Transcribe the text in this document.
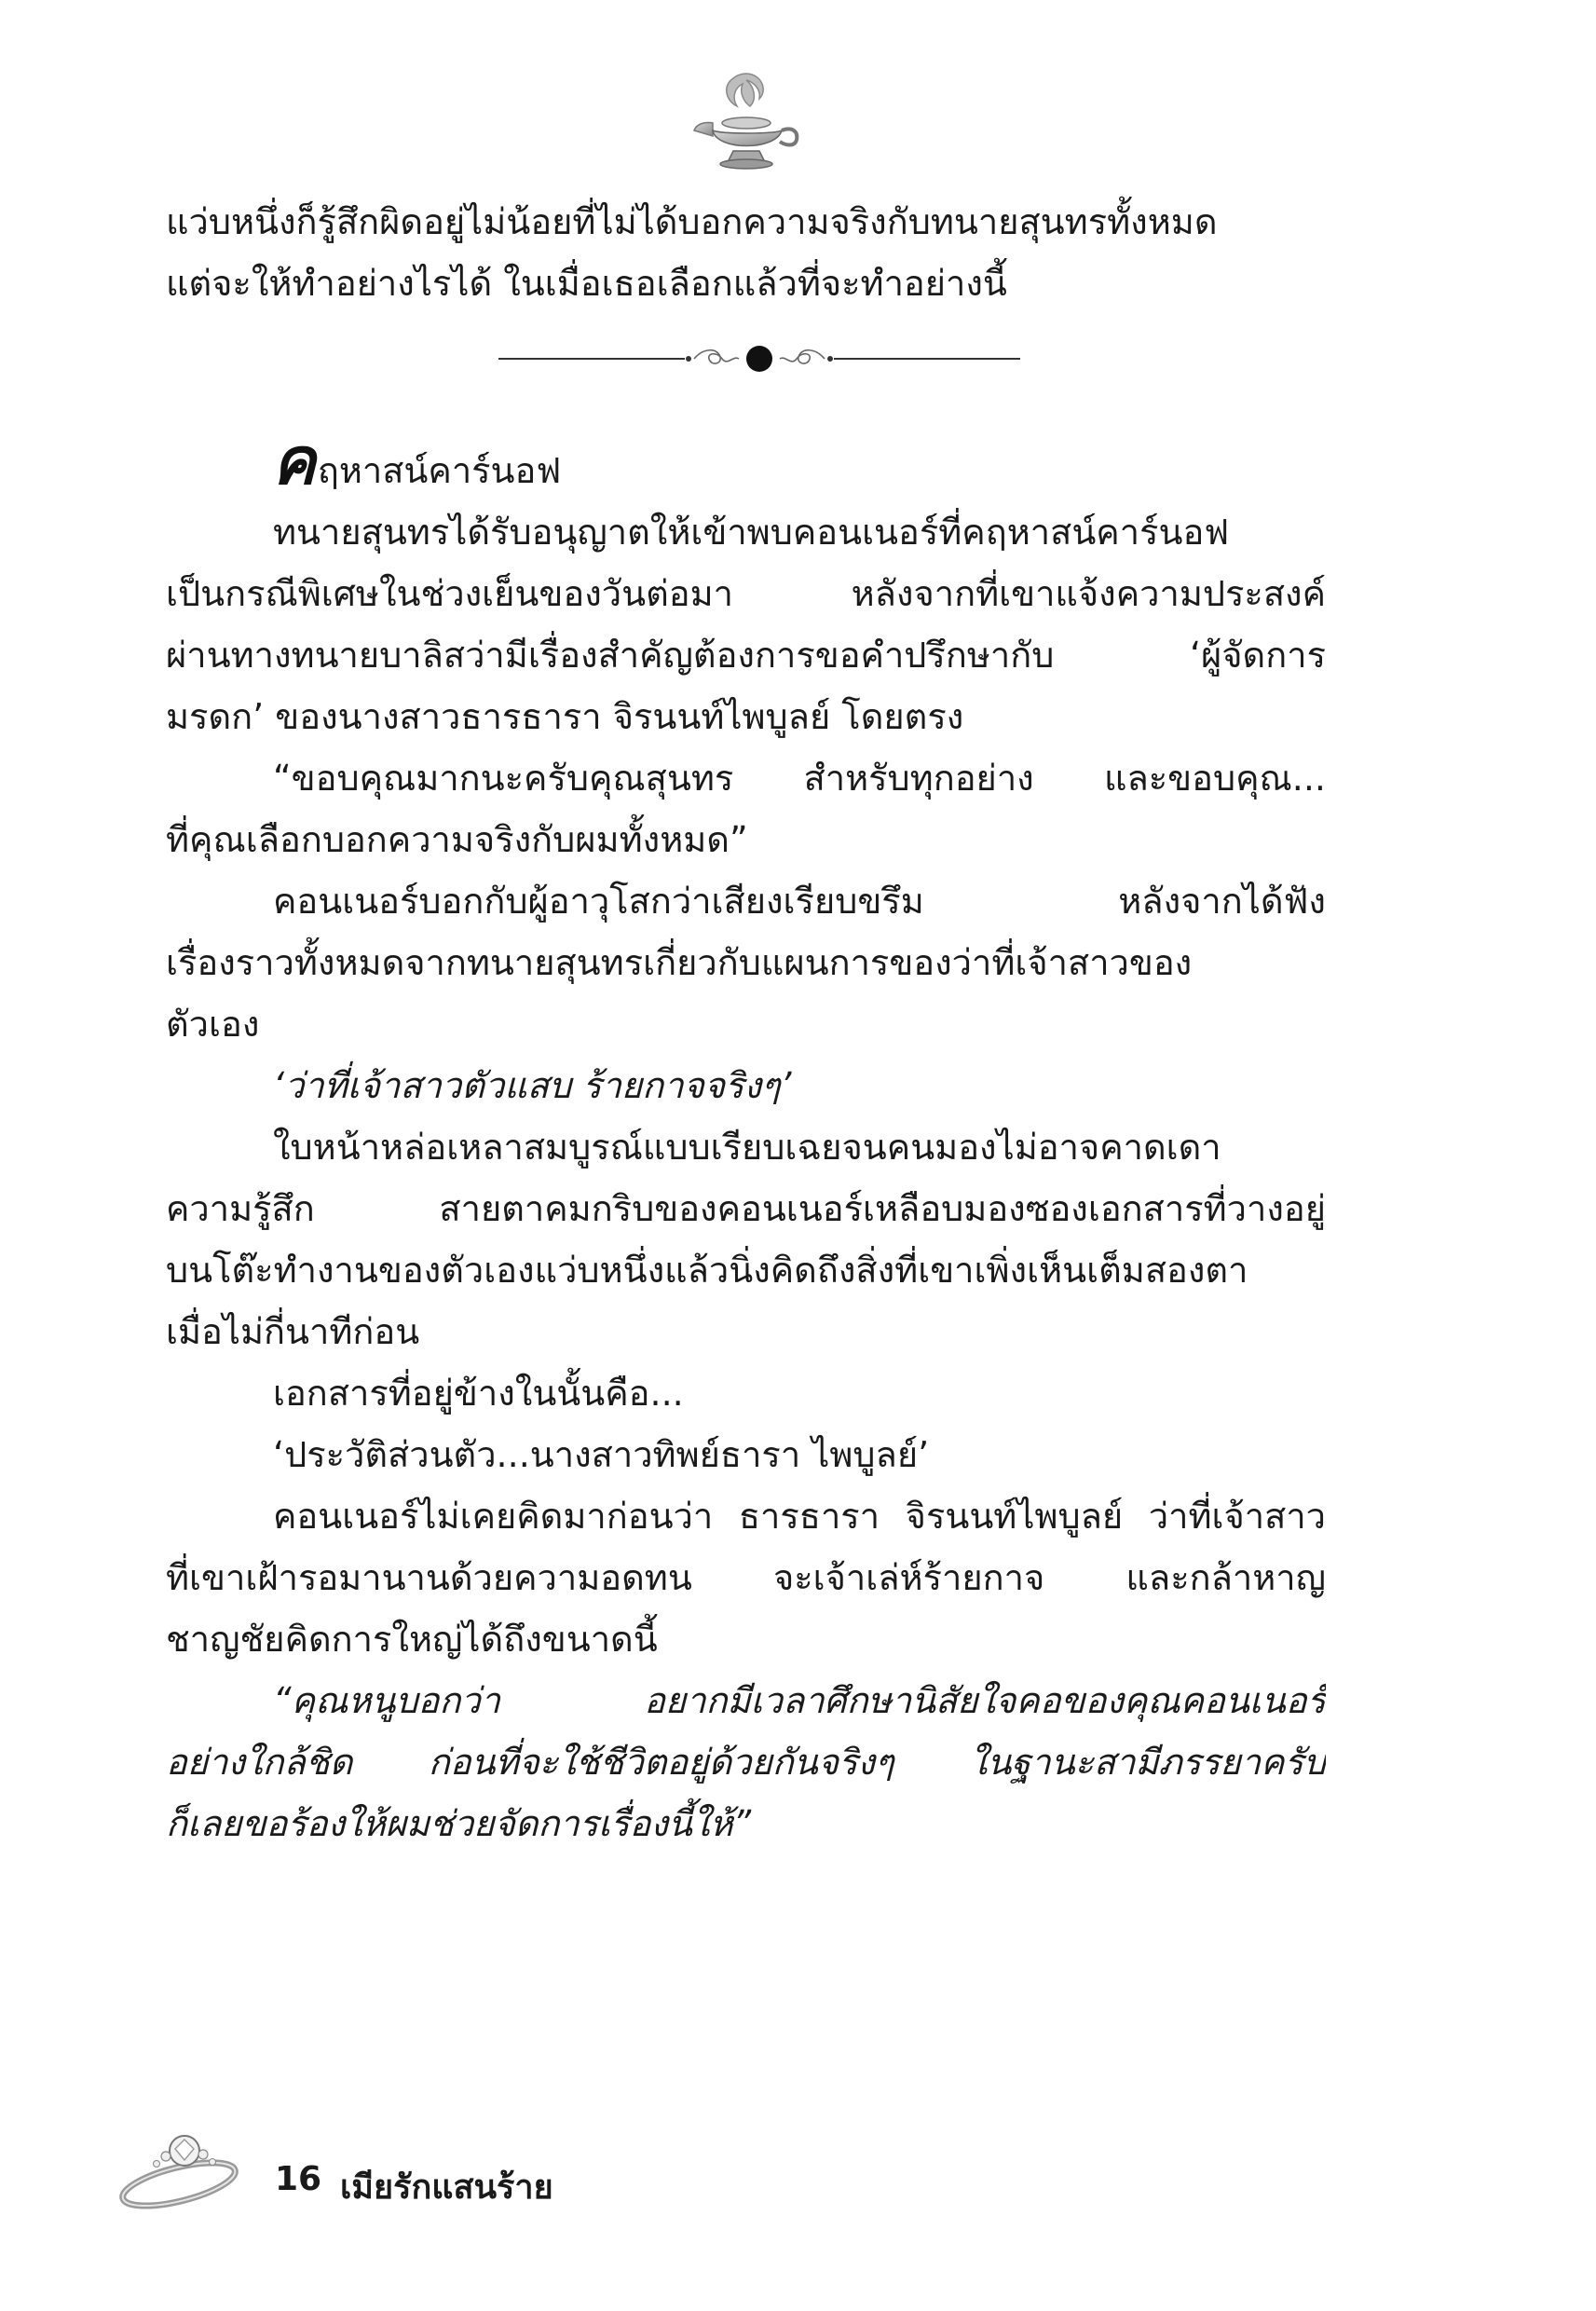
แว่บหนึ่งก็รู้สึกผิดอยู่ไม่น้อยที่ไม่ได้บอกความจริงกับทนายสุนทรทั้งหมด
แต่จะให้ทำอย่างไรได้ ในเมื่อเธอเลือกแล้วที่จะทำอย่างนี้
ค ฤหาสน์คาร์นอฟ
ทนายสุนทรได้รับอนุญาตให้เข้าพบคอนเนอร์ที่คฤหาสน์คาร์นอฟ
เป็นกรณีพิเศษในช่วงเย็นของวันต่อมา หลังจากที่เขาแจ้งความประสงค์
ผ่านทางทนายบาลิสว่ามีเรื่องสำคัญต้องการขอคำปรึกษากับ ‘ผู้จัดการ
มรดก’ ของนางสาวธารธารา จิรนนท์ไพบูลย์ โดยตรง
“ขอบคุณมากนะครับคุณสุนทร สำหรับทุกอย่าง และขอบคุณ...
ที่คุณเลือกบอกความจริงกับผมทั้งหมด”
คอนเนอร์บอกกับผู้อาวุโสกว่าเสียงเรียบขรึม หลังจากได้ฟัง
เรื่องราวทั้งหมดจากทนายสุนทรเกี่ยวกับแผนการของว่าที่เจ้าสาวของ
ตัวเอง
‘ว่าที่เจ้าสาวตัวแสบ ร้ายกาจจริงๆ’
ใบหน้าหล่อเหลาสมบูรณ์แบบเรียบเฉยจนคนมองไม่อาจคาดเดา
ความรู้สึก สายตาคมกริบของคอนเนอร์เหลือบมองซองเอกสารที่วางอยู่
บนโต๊ะทำงานของตัวเองแว่บหนึ่งแล้วนิ่งคิดถึงสิ่งที่เขาเพิ่งเห็นเต็มสองตา
เมื่อไม่กี่นาทีก่อน
เอกสารที่อยู่ข้างในนั้นคือ...
‘ประวัติส่วนตัว...นางสาวทิพย์ธารา ไพบูลย์’
คอนเนอร์ไม่เคยคิดมาก่อนว่า ธารธารา จิรนนท์ไพบูลย์ ว่าที่เจ้าสาว
ที่เขาเฝ้ารอมานานด้วยความอดทน จะเจ้าเล่ห์ร้ายกาจ และกล้าหาญ
ชาญชัยคิดการใหญ่ได้ถึงขนาดนี้
“คุณหนูบอกว่า อยากมีเวลาศึกษานิสัยใจคอของคุณคอนเนอร์
อย่างใกล้ชิด ก่อนที่จะใช้ชีวิตอยู่ด้วยกันจริงๆ ในฐานะสามีภรรยาครับ
ก็เลยขอร้องให้ผมช่วยจัดการเรื่องนี้ให้”
16 เมียรักแสนร้าย
